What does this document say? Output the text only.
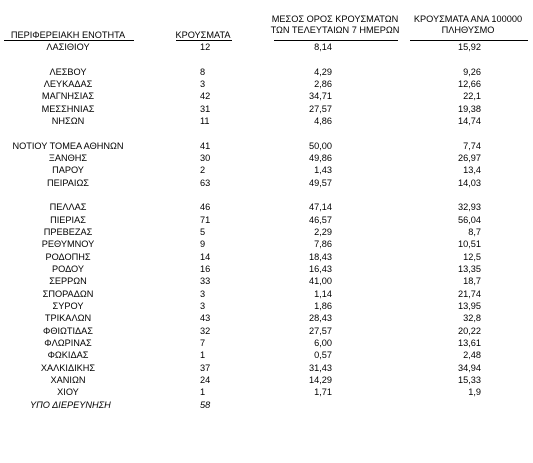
ΠΕΡΙΦΕΡΕΙΑΚΗ ΕΝΟΤΗΤΑ	ΚΡΟΥΣΜΑΤΑ
ΜΕΣΟΣ ΟΡΟΣ ΚΡΟΥΣΜΑΤΩΝ
ΤΩΝ ΤΕΛΕΥΤΑΙΩΝ 7 ΗΜΕΡΩΝ
ΚΡΟΥΣΜΑΤΑ ΑΝΑ 100000
ΠΛΗΘΥΣΜΟ
ΛΑΣΙΘΙΟΥ	12	8,14	15,92
ΛΕΣΒΟΥ	8	4,29	9,26
ΛΕΥΚΑΔΑΣ	3	2,86	12,66
ΜΑΓΝΗΣΙΑΣ	42	34,71	22,1
ΜΕΣΣΗΝΙΑΣ	31	27,57	19,38
ΝΗΣΩΝ	11	4,86	14,74
ΝΟΤΙΟΥ ΤΟΜΕΑ ΑΘΗΝΩΝ	41	50,00	7,74
ΞΑΝΘΗΣ	30	49,86	26,97
ΠΑΡΟΥ	2	1,43	13,4
ΠΕΙΡΑΙΩΣ	63	49,57	14,03
ΠΕΛΛΑΣ	46	47,14	32,93
ΠΙΕΡΙΑΣ	71	46,57	56,04
ΠΡΕΒΕΖΑΣ	5	2,29	8,7
ΡΕΘΥΜΝΟΥ	9	7,86	10,51
ΡΟΔΟΠΗΣ	14	18,43	12,5
ΡΟΔΟΥ	16	16,43	13,35
ΣΕΡΡΩΝ	33	41,00	18,7
ΣΠΟΡΑΔΩΝ	3	1,14	21,74
ΣΥΡΟΥ	3	1,86	13,95
ΤΡΙΚΑΛΩΝ	43	28,43	32,8
ΦΘΙΩΤΙΔΑΣ	32	27,57	20,22
ΦΛΩΡΙΝΑΣ	7	6,00	13,61
ΦΩΚΙΔΑΣ	1	0,57	2,48
ΧΑΛΚΙΔΙΚΗΣ	37	31,43	34,94
ΧΑΝΙΩΝ	24	14,29	15,33
ΧΙΟΥ	1	1,71	1,9
ΥΠΟ ΔΙΕΡΕΥΝΗΣΗ	58
